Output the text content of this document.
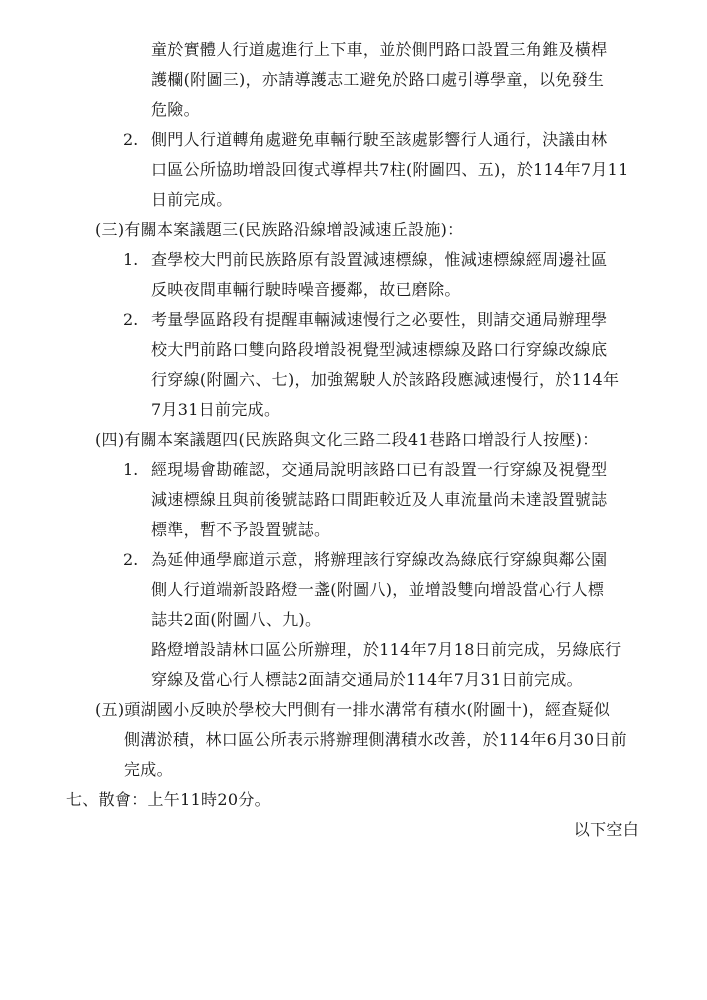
童於實體人行道處進行上下車，並於側門路口設置三角錐及橫桿
護欄(附圖三)，亦請導護志工避免於路口處引導學童，以免發生
危險。
2. 側門人行道轉角處避免車輛行駛至該處影響行人通行，決議由林
口區公所協助增設回復式導桿共7柱(附圖四、五)，於114年7月11
日前完成。
(三)有關本案議題三(民族路沿線增設減速丘設施)：
1. 查學校大門前民族路原有設置減速標線，惟減速標線經周邊社區
反映夜間車輛行駛時噪音擾鄰，故已磨除。
2. 考量學區路段有提醒車輛減速慢行之必要性，則請交通局辦理學
校大門前路口雙向路段增設視覺型減速標線及路口行穿線改線底
行穿線(附圖六、七)，加強駕駛人於該路段應減速慢行，於114年
7月31日前完成。
(四)有關本案議題四(民族路與文化三路二段41巷路口增設行人按壓)：
1. 經現場會勘確認，交通局說明該路口已有設置一行穿線及視覺型
減速標線且與前後號誌路口間距較近及人車流量尚未達設置號誌
標準，暫不予設置號誌。
2. 為延伸通學廊道示意，將辦理該行穿線改為綠底行穿線與鄰公園
側人行道端新設路燈一盞(附圖八)，並增設雙向增設當心行人標
誌共2面(附圖八、九)。
路燈增設請林口區公所辦理，於114年7月18日前完成，另綠底行
穿線及當心行人標誌2面請交通局於114年7月31日前完成。
(五)頭湖國小反映於學校大門側有一排水溝常有積水(附圖十)，經查疑似
側溝淤積，林口區公所表示將辦理側溝積水改善，於114年6月30日前
完成。
七、散會：上午11時20分。
以下空白
